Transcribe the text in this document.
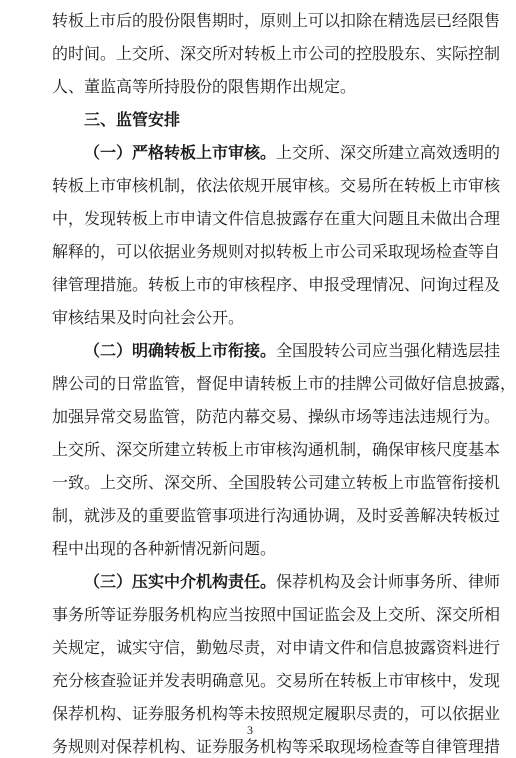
转板上市后的股份限售期时，原则上可以扣除在精选层已经限售
的时间。上交所、深交所对转板上市公司的控股股东、实际控制
人、董监高等所持股份的限售期作出规定。
三、监管安排
（一）严格转板上市审核。上交所、深交所建立高效透明的
转板上市审核机制，依法依规开展审核。交易所在转板上市审核
中，发现转板上市申请文件信息披露存在重大问题且未做出合理
解释的，可以依据业务规则对拟转板上市公司采取现场检查等自
律管理措施。转板上市的审核程序、申报受理情况、问询过程及
审核结果及时向社会公开。
（二）明确转板上市衔接。全国股转公司应当强化精选层挂
牌公司的日常监管，督促申请转板上市的挂牌公司做好信息披露，
加强异常交易监管，防范内幕交易、操纵市场等违法违规行为。
上交所、深交所建立转板上市审核沟通机制，确保审核尺度基本
一致。上交所、深交所、全国股转公司建立转板上市监管衔接机
制，就涉及的重要监管事项进行沟通协调，及时妥善解决转板过
程中出现的各种新情况新问题。
（三）压实中介机构责任。保荐机构及会计师事务所、律师
事务所等证券服务机构应当按照中国证监会及上交所、深交所相
关规定，诚实守信，勤勉尽责，对申请文件和信息披露资料进行
充分核查验证并发表明确意见。交易所在转板上市审核中，发现
保荐机构、证券服务机构等未按照规定履职尽责的，可以依据业
务规则对保荐机构、证券服务机构等采取现场检查等自律管理措
3
